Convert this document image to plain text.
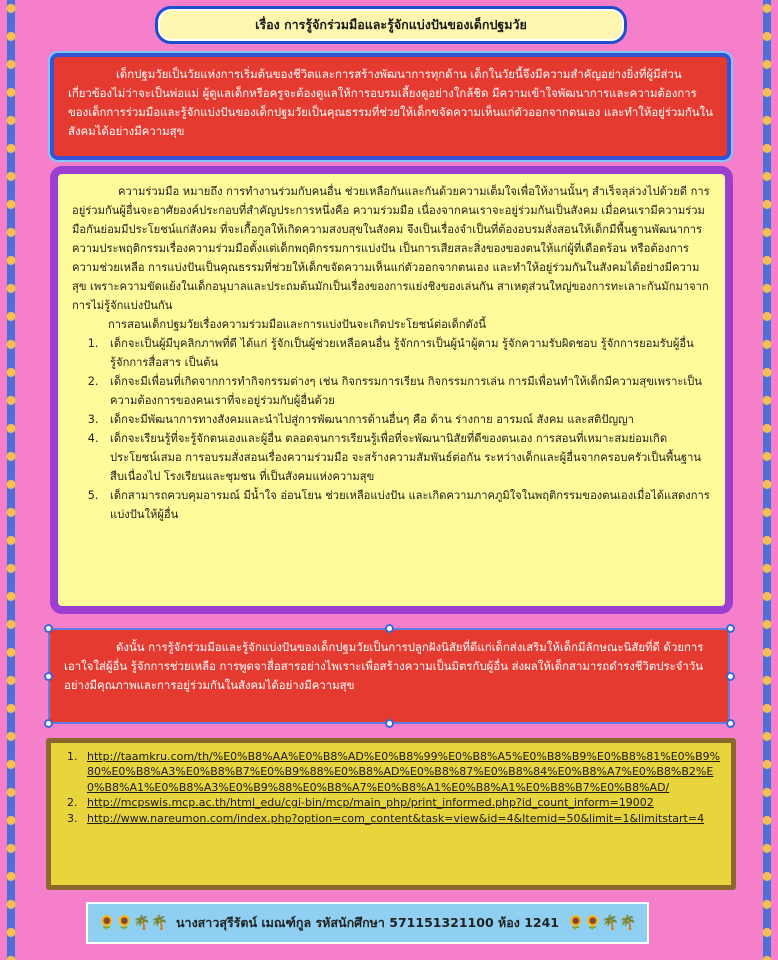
เรื่อง การรู้จักร่วมมือและรู้จักแบ่งปันของเด็กปฐมวัย
เด็กปฐมวัยเป็นวัยแห่งการเริ่มต้นของชีวิตและการสร้างพัฒนาการทุกด้าน เด็กในวัยนี้จึงมีความสำคัญอย่างยิ่งที่ผู้มีส่วนเกี่ยวข้องไม่ว่าจะเป็นพ่อแม่ ผู้ดูแลเด็กหรือครูจะต้องดูแลให้การอบรมเลี้ยงดูอย่างใกล้ชิด มีความเข้าใจพัฒนาการและความต้องการของเด็กการร่วมมือและรู้จักแบ่งปันของเด็กปฐมวัยเป็นคุณธรรมที่ช่วยให้เด็กขจัดความเห็นแก่ตัวออกจากตนเอง และทำให้อยู่ร่วมกันในสังคมได้อย่างมีความสุข

ความร่วมมือ หมายถึง การทำงานร่วมกับคนอื่น ช่วยเหลือกันและกันด้วยความเต็มใจเพื่อให้งานนั้นๆ สำเร็จลุล่วงไปด้วยดี การอยู่ร่วมกันผู้อื่นจะอาศัยองค์ประกอบที่สำคัญประการหนึ่งคือ ความร่วมมือ เนื่องจากคนเราจะอยู่ร่วมกันเป็นสังคม เมื่อคนเรามีความร่วมมือกันย่อมมีประโยชน์แก่สังคม ที่จะเกื้อกูลให้เกิดความสงบสุขในสังคม จึงเป็นเรื่องจำเป็นที่ต้องอบรมสั่งสอนให้เด็กมีพื้นฐานพัฒนาการความประพฤติกรรมเรื่องความร่วมมือตั้งแต่เด็กพฤติกรรมการแบ่งปัน เป็นการเสียสละสิ่งของของตนให้แก่ผู้ที่เดือดร้อน หรือต้องการความช่วยเหลือ การแบ่งปันเป็นคุณธรรมที่ช่วยให้เด็กขจัดความเห็นแก่ตัวออกจากตนเอง และทำให้อยู่ร่วมกันในสังคมได้อย่างมีความสุข เพราะความขัดแย้งในเด็กอนุบาลและประถมต้นมักเป็นเรื่องของการแย่งชิงของเล่นกัน สาเหตุส่วนใหญ่ของการทะเลาะกันมักมาจากการไม่รู้จักแบ่งปันกัน

การสอนเด็กปฐมวัยเรื่องความร่วมมือและการแบ่งปันจะเกิดประโยชน์ต่อเด็กดังนี้

1. เด็กจะเป็นผู้มีบุคลิกภาพที่ดี ได้แก่ รู้จักเป็นผู้ช่วยเหลือคนอื่น รู้จักการเป็นผู้นำผู้ตาม รู้จักความรับผิดชอบ รู้จักการยอมรับผู้อื่น รู้จักการสื่อสาร เป็นต้น
2. เด็กจะมีเพื่อนที่เกิดจากการทำกิจกรรมต่างๆ เช่น กิจกรรมการเรียน กิจกรรมการเล่น การมีเพื่อนทำให้เด็กมีความสุขเพราะเป็นความต้องการของคนเราที่จะอยู่ร่วมกับผู้อื่นด้วย
3. เด็กจะมีพัฒนาการทางสังคมและนำไปสู่การพัฒนาการด้านอื่นๆ คือ ด้าน ร่างกาย อารมณ์ สังคม และสติปัญญา
4. เด็กจะเรียนรู้ที่จะรู้จักตนเองและผู้อื่น ตลอดจนการเรียนรู้เพื่อที่จะพัฒนานิสัยที่ดีของตนเอง การสอนที่เหมาะสมย่อมเกิดประโยชน์เสมอ การอบรมสั่งสอนเรื่องความร่วมมือ จะสร้างความสัมพันธ์ต่อกัน ระหว่างเด็กและผู้อื่นจากครอบครัวเป็นพื้นฐาน สืบเนื่องไป โรงเรียนและชุมชน ที่เป็นสังคมแห่งความสุข
5. เด็กสามารถควบคุมอารมณ์ มีน้ำใจ อ่อนโยน ช่วยเหลือแบ่งปัน และเกิดความภาคภูมิใจในพฤติกรรมของตนเองเมื่อได้แสดงการแบ่งปันให้ผู้อื่น

ดังนั้น การรู้จักร่วมมือและรู้จักแบ่งปันของเด็กปฐมวัยเป็นการปลูกฝังนิสัยที่ดีแก่เด็กส่งเสริมให้เด็กมีลักษณะนิสัยที่ดี ด้วยการเอาใจใส่ผู้อื่น รู้จักการช่วยเหลือ การพูดจาสื่อสารอย่างไพเราะเพื่อสร้างความเป็นมิตรกับผู้อื่น ส่งผลให้เด็กสามารถดำรงชีวิตประจำวันอย่างมีคุณภาพและการอยู่ร่วมกันในสังคมได้อย่างมีความสุข

1. http://taamkru.com/th/%E0%B8%AA%E0%B8%AD%E0%B8%99%E0%B8%A5%E0%B8%B9%E0%B8%81%E0%B9%80%E0%B8%A3%E0%B8%B7%E0%B9%88%E0%B8%AD%E0%B8%87%E0%B8%84%E0%B8%A7%E0%B8%B2%E0%B8%A1%E0%B8%A3%E0%B9%88%E0%B8%A7%E0%B8%A1%E0%B8%A1%E0%B8%B7%E0%B8%AD/
2. http://mcpswis.mcp.ac.th/html_edu/cgi-bin/mcp/main_php/print_informed.php?id_count_inform=19002
3. http://www.nareumon.com/index.php?option=com_content&task=view&id=4&Itemid=50&limit=1&limitstart=4
🌻🌻🌴🌴 นางสาวสุรีรัตน์ เมณฑ์กูล รหัสนักศึกษา 571151321100 ห้อง 1241 🌻🌻🌴🌴
